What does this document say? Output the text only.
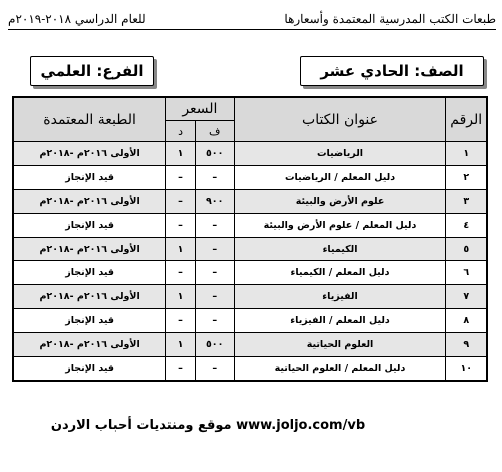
للعام الدراسي ٢٠١٨-٢٠١٩م	طبعات الكتب المدرسية المعتمدة وأسعارها
الصف: الحادي عشر
الفرع: العلمي
الرقم	عنوان الكتاب	السعر		الطبعة المعتمدة
		ف	د	
١	الرياضيات	٥٠٠	١	الأولى ٢٠١٦م -٢٠١٨م
٢	دليل المعلم / الرياضيات	–	–	قيد الإنجاز
٣	علوم الأرض والبيئة	٩٠٠	–	الأولى ٢٠١٦م -٢٠١٨م
٤	دليل المعلم / علوم الأرض والبيئة	–	–	قيد الإنجاز
٥	الكيمياء	–	١	الأولى ٢٠١٦م -٢٠١٨م
٦	دليل المعلم / الكيمياء	–	–	قيد الإنجاز
٧	الفيزياء	–	١	الأولى ٢٠١٦م -٢٠١٨م
٨	دليل المعلم / الفيزياء	–	–	قيد الإنجاز
٩	العلوم الحياتية	٥٠٠	١	الأولى ٢٠١٦م -٢٠١٨م
١٠	دليل المعلم / العلوم الحياتية	–	–	قيد الإنجاز
www.joljo.com/vb موقع ومنتديات أحباب الاردن
